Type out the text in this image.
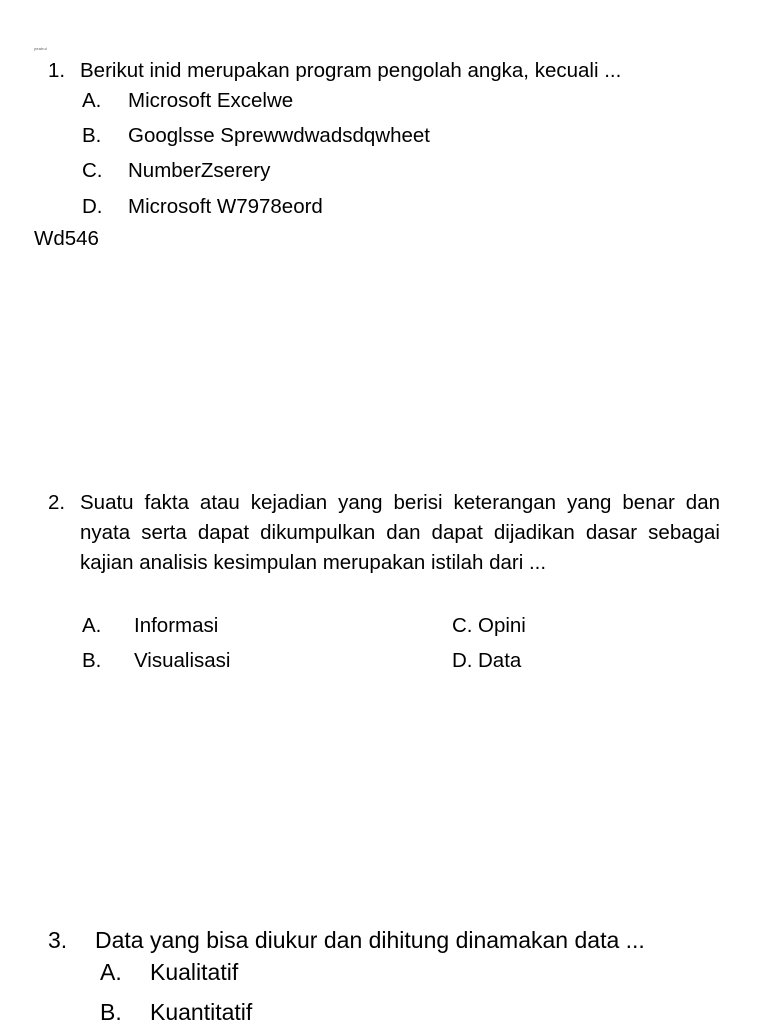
yeahui
1. Berikut inid merupakan program pengolah angka, kecuali ...
A. Microsoft Excelwe
B. Googlsse Sprewwdwadsdqwheet
C. NumberZserery
D. Microsoft W7978eord
Wd546
2. Suatu fakta atau kejadian yang berisi keterangan yang benar dan nyata serta dapat dikumpulkan dan dapat dijadikan dasar sebagai kajian analisis kesimpulan merupakan istilah dari ...
A. Informasi
B. Visualisasi
C. Opini
D. Data
3. Data yang bisa diukur dan dihitung dinamakan data ...
A. Kualitatif
B. Kuantitatif
